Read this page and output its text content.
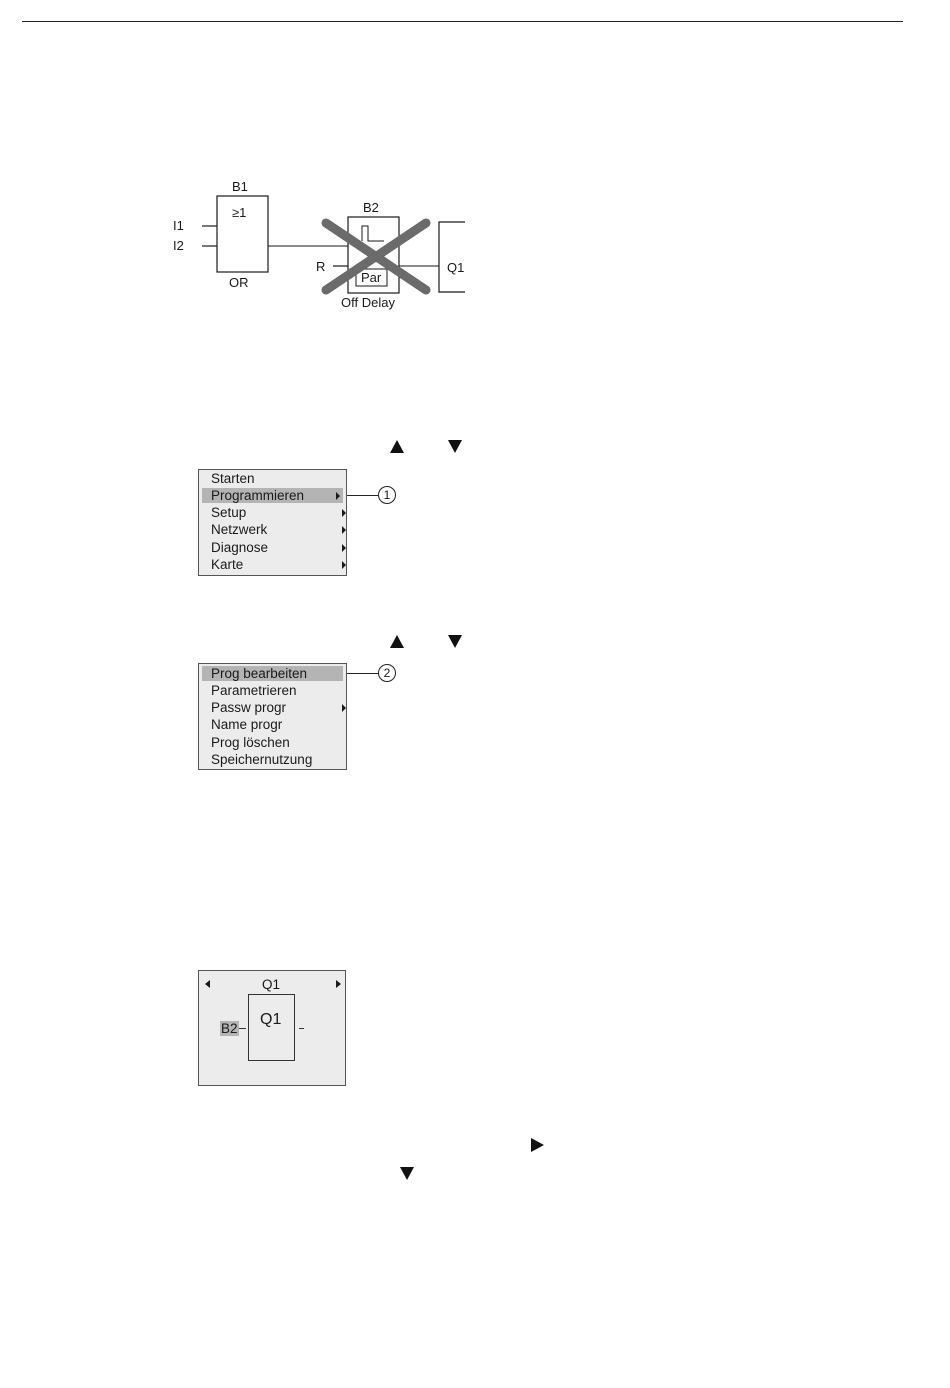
B1
≥1
I1
I2
OR
B2
Par
R
Off Delay
Q1
Starten
Programmieren
Setup
Netzwerk
Diagnose
Karte
1
Prog bearbeiten
Parametrieren
Passw progr
Name progr
Prog löschen
Speichernutzung
2
Q1
Q1
B2
